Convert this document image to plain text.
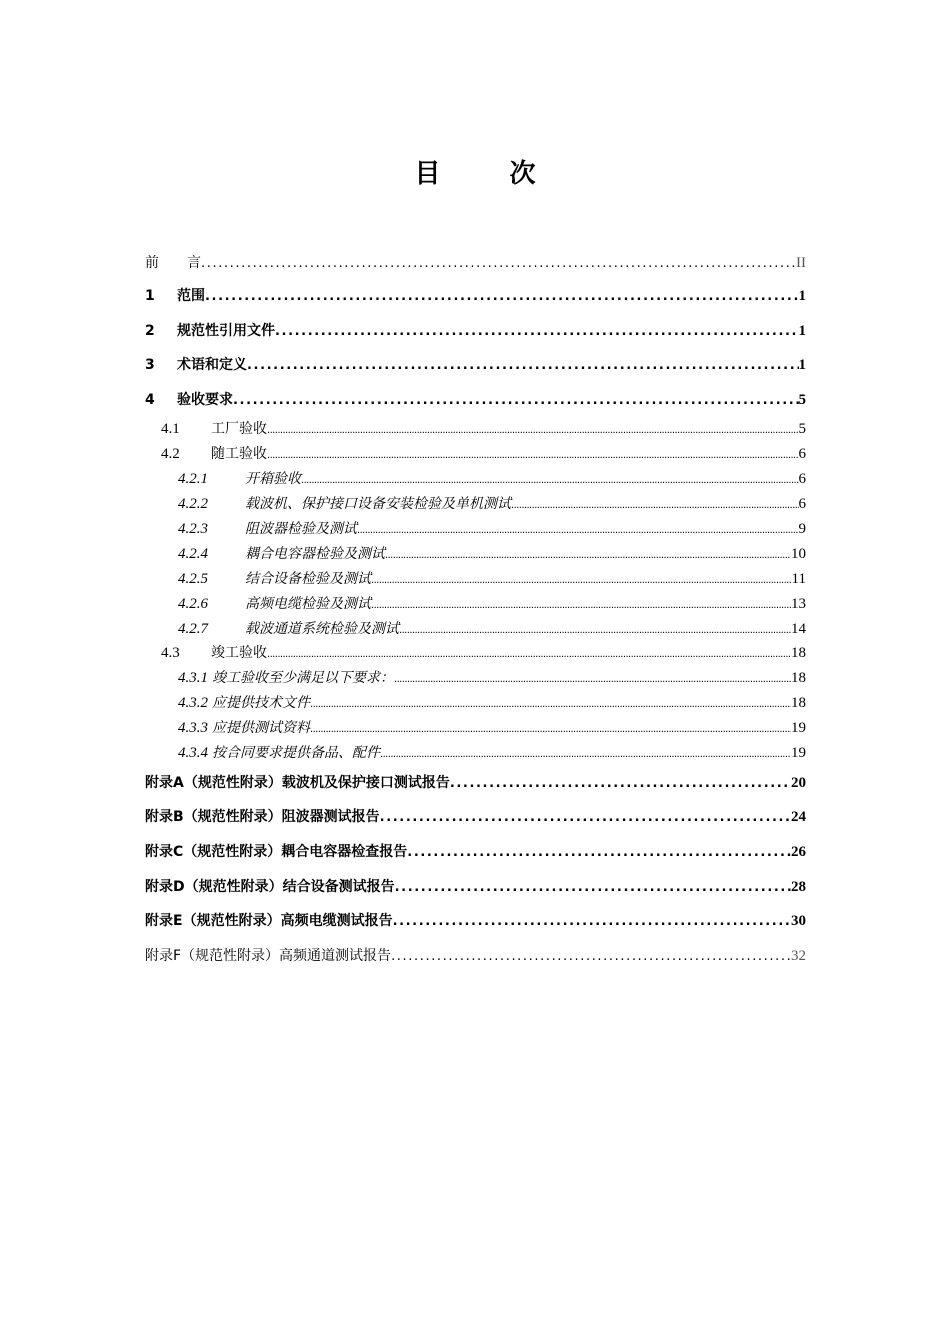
目 次
前　　言 .....	II
1	范围 .....	1
2	规范性引用文件 .....	1
3	术语和定义 .....	1
4	验收要求 .....	5
4.1	工厂验收 .....	5
4.2	随工验收 .....	6
4.2.1	开箱验收 .....	6
4.2.2	载波机、保护接口设备安装检验及单机测试 .....	6
4.2.3	阻波器检验及测试 .....	9
4.2.4	耦合电容器检验及测试 .....	10
4.2.5	结合设备检验及测试 .....	11
4.2.6	高频电缆检验及测试 .....	13
4.2.7	载波通道系统检验及测试 .....	14
4.3	竣工验收 .....	18
4.3.1 竣工验收至少满足以下要求： .....	18
4.3.2 应提供技术文件 .....	18
4.3.3 应提供测试资料 .....	19
4.3.4 按合同要求提供备品、配件 .....	19
附录A（规范性附录）载波机及保护接口测试报告 .....	20
附录B（规范性附录）阻波器测试报告 .....	24
附录C（规范性附录）耦合电容器检查报告 .....	26
附录D（规范性附录）结合设备测试报告 .....	28
附录E（规范性附录）高频电缆测试报告 .....	30
附录F（规范性附录）高频通道测试报告 .....	32
